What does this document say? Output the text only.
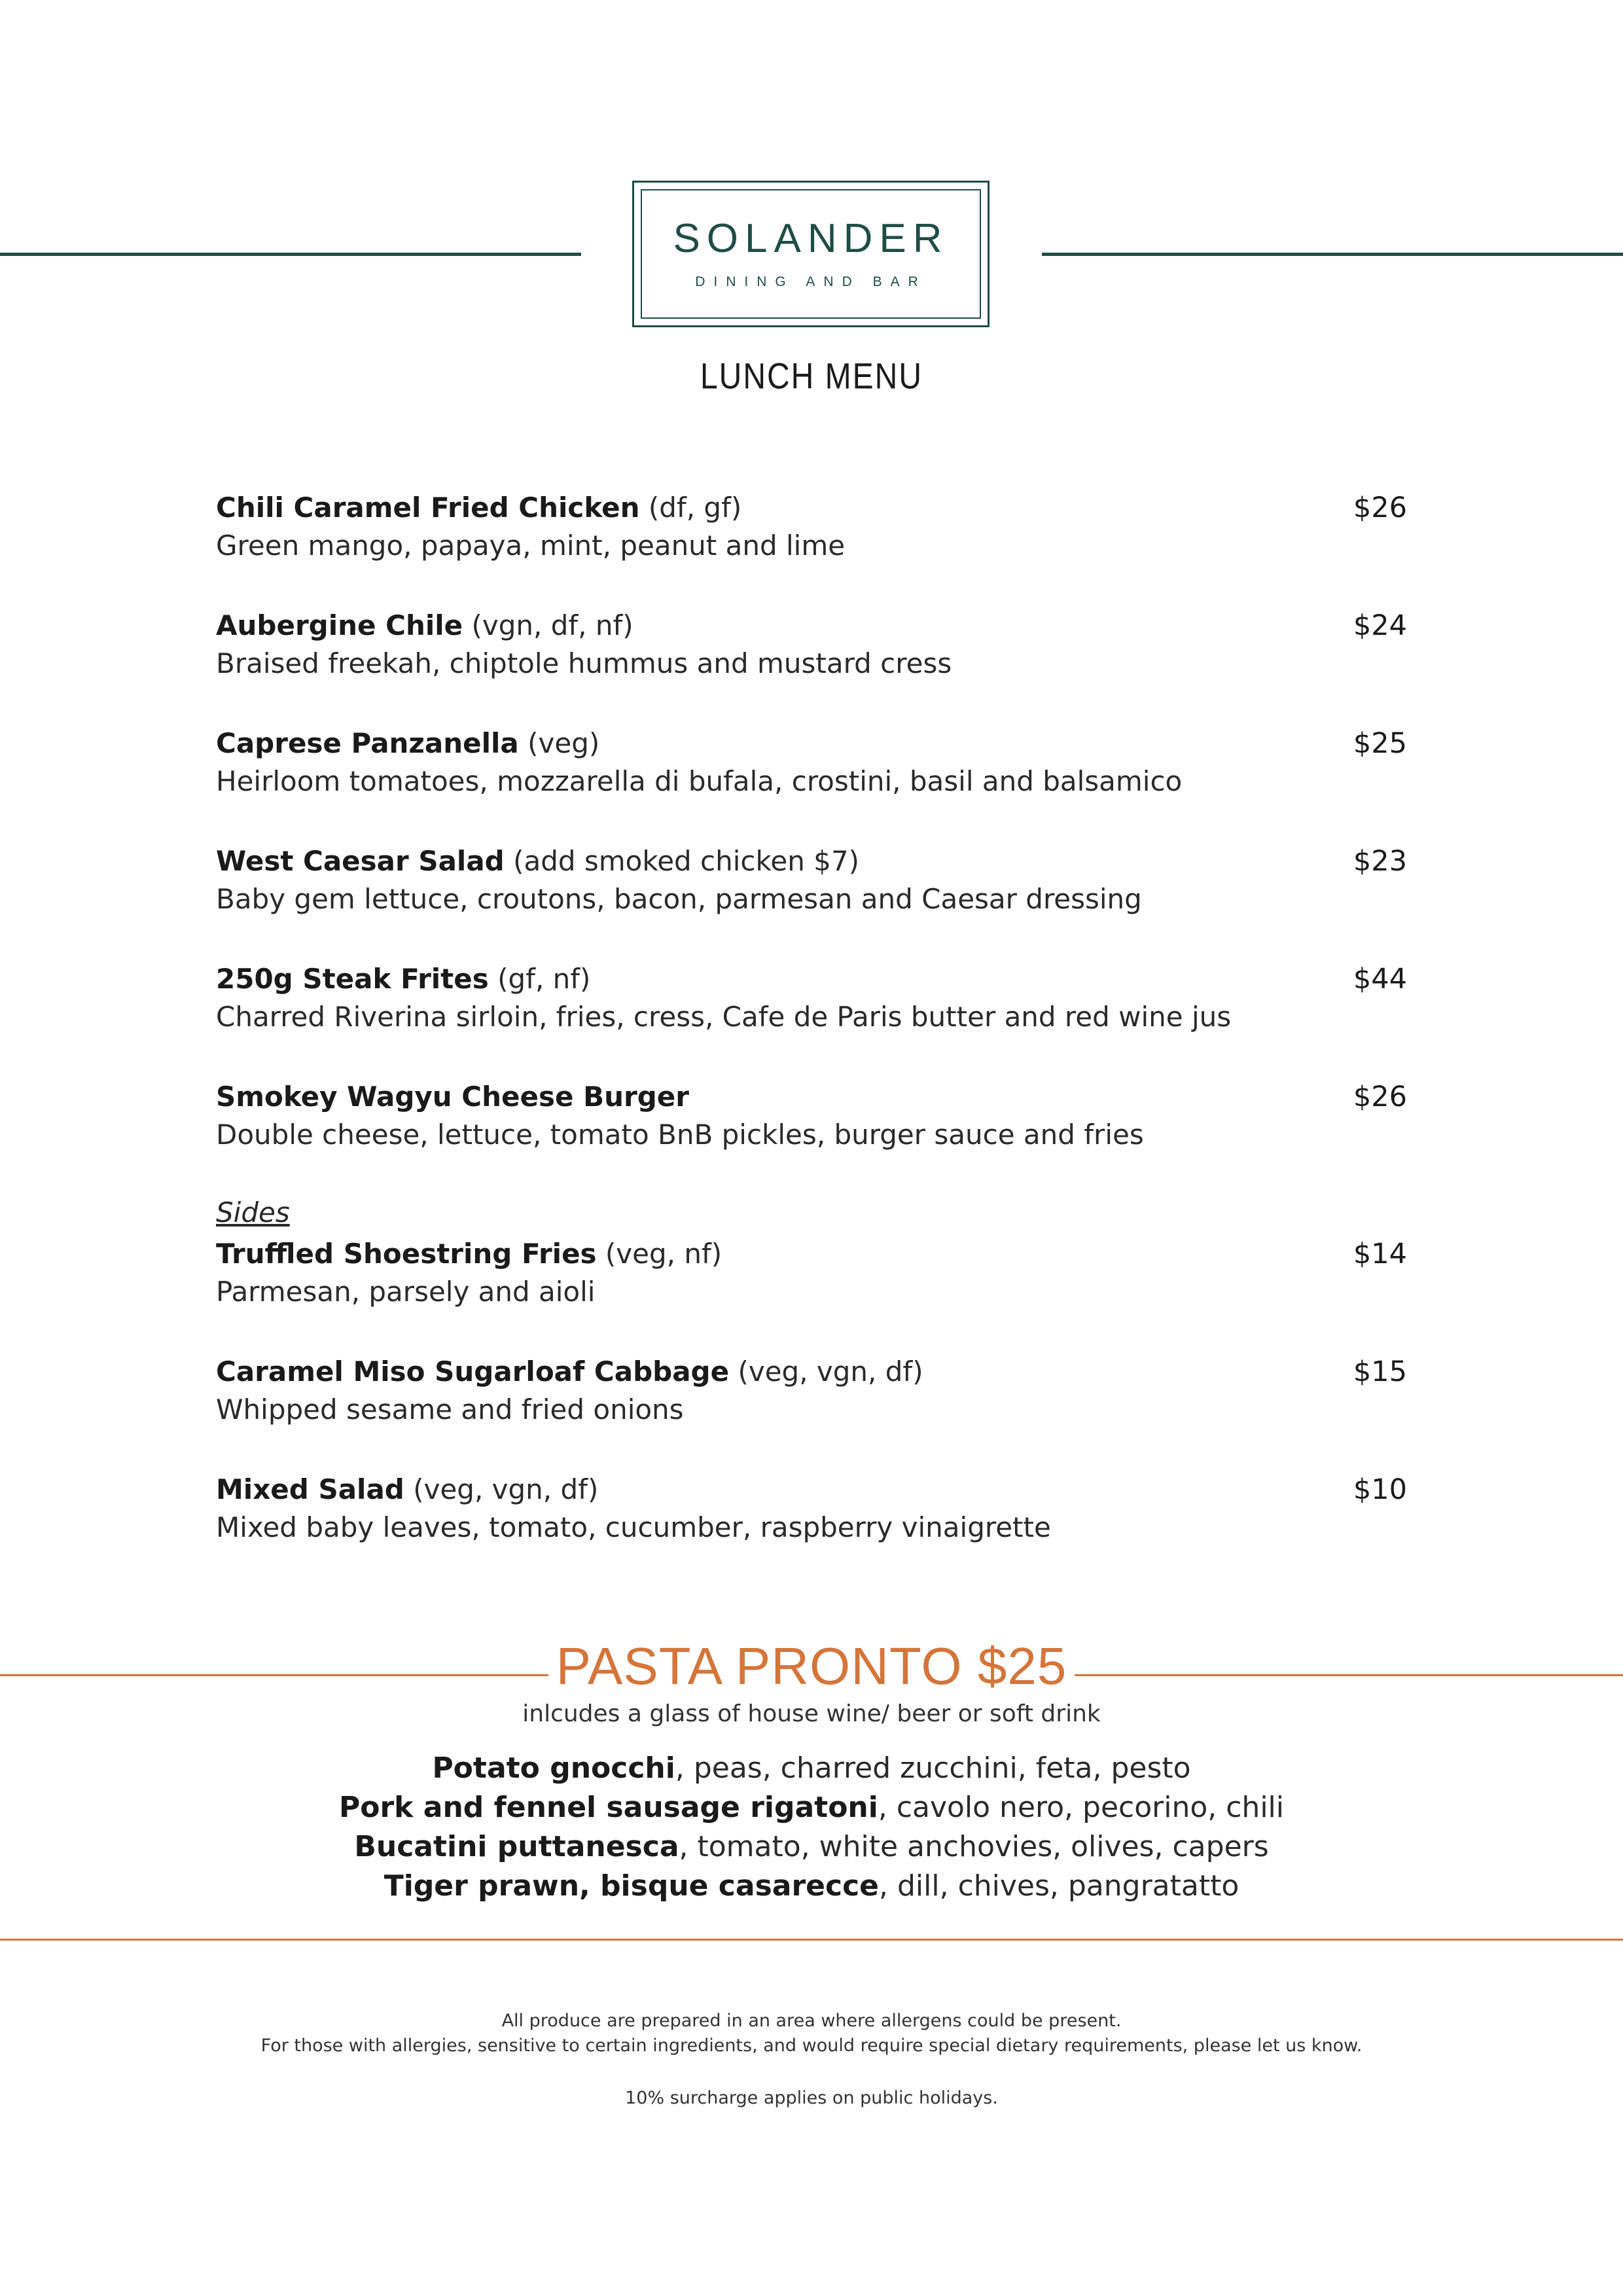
SOLANDER
DINING AND BAR
LUNCH MENU
Chili Caramel Fried Chicken (df, gf)
Green mango, papaya, mint, peanut and lime
$26
Aubergine Chile (vgn, df, nf)
Braised freekah, chiptole hummus and mustard cress
$24
Caprese Panzanella (veg)
Heirloom tomatoes, mozzarella di bufala, crostini, basil and balsamico
$25
West Caesar Salad (add smoked chicken $7)
Baby gem lettuce, croutons, bacon, parmesan and Caesar dressing
$23
250g Steak Frites (gf, nf)
Charred Riverina sirloin, fries, cress, Cafe de Paris butter and red wine jus
$44
Smokey Wagyu Cheese Burger
Double cheese, lettuce, tomato BnB pickles, burger sauce and fries
$26
Sides
Truffled Shoestring Fries (veg, nf)
Parmesan, parsely and aioli
$14
Caramel Miso Sugarloaf Cabbage (veg, vgn, df)
Whipped sesame and fried onions
$15
Mixed Salad (veg, vgn, df)
Mixed baby leaves, tomato, cucumber, raspberry vinaigrette
$10
PASTA PRONTO $25
inlcudes a glass of house wine/ beer or soft drink
Potato gnocchi, peas, charred zucchini, feta, pesto
Pork and fennel sausage rigatoni, cavolo nero, pecorino, chili
Bucatini puttanesca, tomato, white anchovies, olives, capers
Tiger prawn, bisque casarecce, dill, chives, pangratatto
All produce are prepared in an area where allergens could be present.
For those with allergies, sensitive to certain ingredients, and would require special dietary requirements, please let us know.
10% surcharge applies on public holidays.
